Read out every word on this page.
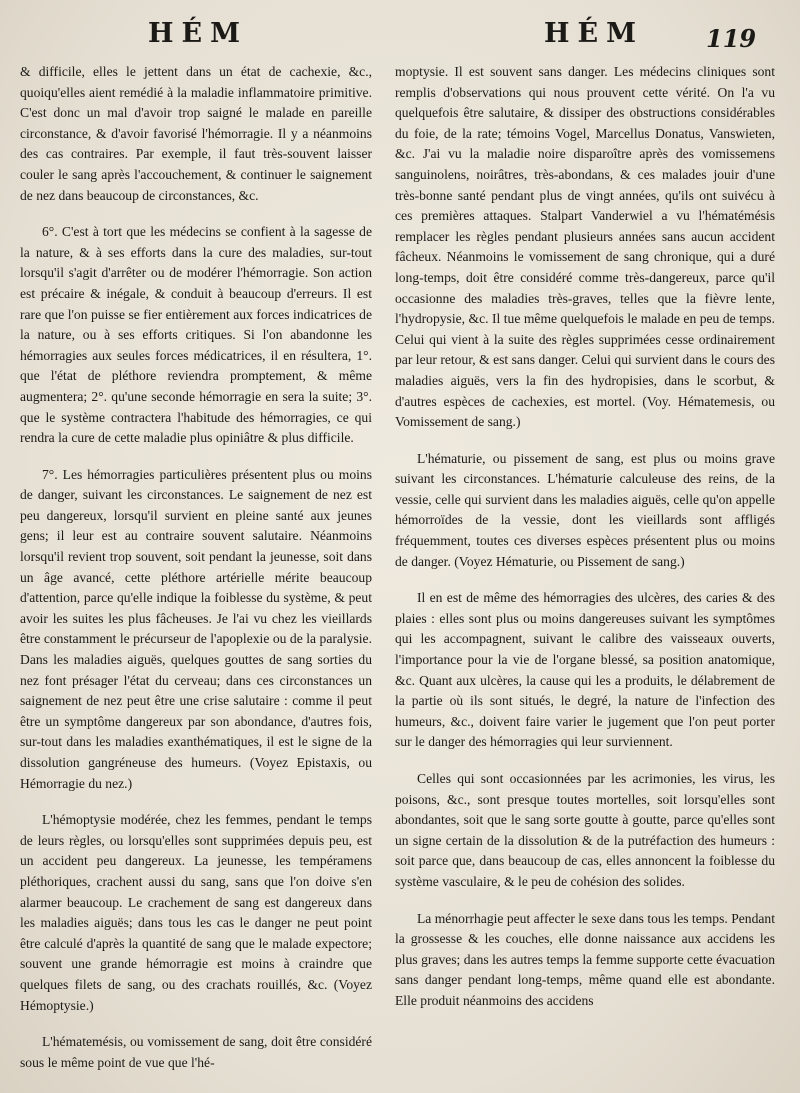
HÉM	HÉM	119

& difficile, elles le jettent dans un état de cachexie, &c., quoiqu'elles aient remédié à la maladie inflammatoire primitive. C'est donc un mal d'avoir trop saigné le malade en pareille circonstance, & d'avoir favorisé l'hémorragie. Il y a néanmoins des cas contraires. Par exemple, il faut très-souvent laisser couler le sang après l'accouchement, & continuer le saignement de nez dans beaucoup de circonstances, &c.

6°. C'est à tort que les médecins se confient à la sagesse de la nature, & à ses efforts dans la cure des maladies, sur-tout lorsqu'il s'agit d'arrêter ou de modérer l'hémorragie. Son action est précaire & inégale, & conduit à beaucoup d'erreurs. Il est rare que l'on puisse se fier entièrement aux forces indicatrices de la nature, ou à ses efforts critiques. Si l'on abandonne les hémorragies aux seules forces médicatrices, il en résultera, 1°. que l'état de pléthore reviendra promptement, & même augmentera; 2°. qu'une seconde hémorragie en sera la suite; 3°. que le système contractera l'habitude des hémorragies, ce qui rendra la cure de cette maladie plus opiniâtre & plus difficile.

7°. Les hémorragies particulières présentent plus ou moins de danger, suivant les circonstances. Le saignement de nez est peu dangereux, lorsqu'il survient en pleine santé aux jeunes gens; il leur est au contraire souvent salutaire. Néanmoins lorsqu'il revient trop souvent, soit pendant la jeunesse, soit dans un âge avancé, cette pléthore artérielle mérite beaucoup d'attention, parce qu'elle indique la foiblesse du système, & peut avoir les suites les plus fâcheuses. Je l'ai vu chez les vieillards être constamment le précurseur de l'apoplexie ou de la paralysie. Dans les maladies aiguës, quelques gouttes de sang sorties du nez font présager l'état du cerveau; dans ces circonstances un saignement de nez peut être une crise salutaire : comme il peut être un symptôme dangereux par son abondance, d'autres fois, sur-tout dans les maladies exanthématiques, il est le signe de la dissolution gangréneuse des humeurs. (Voyez Epistaxis, ou Hémorragie du nez.)

L'hémoptysie modérée, chez les femmes, pendant le temps de leurs règles, ou lorsqu'elles sont supprimées depuis peu, est un accident peu dangereux. La jeunesse, les tempéramens pléthoriques, crachent aussi du sang, sans que l'on doive s'en alarmer beaucoup. Le crachement de sang est dangereux dans les maladies aiguës; dans tous les cas le danger ne peut point être calculé d'après la quantité de sang que le malade expectore; souvent une grande hémorragie est moins à craindre que quelques filets de sang, ou des crachats rouillés, &c. (Voyez Hémoptysie.)

L'hématemésis, ou vomissement de sang, doit être considéré sous le même point de vue que l'hé-

moptysie. Il est souvent sans danger. Les médecins cliniques sont remplis d'observations qui nous prouvent cette vérité. On l'a vu quelquefois être salutaire, & dissiper des obstructions considérables du foie, de la rate; témoins Vogel, Marcellus Donatus, Vanswieten, &c. J'ai vu la maladie noire disparoître après des vomissemens sanguinolens, noirâtres, très-abondans, & ces malades jouir d'une très-bonne santé pendant plus de vingt années, qu'ils ont suivécu à ces premières attaques. Stalpart Vanderwiel a vu l'hématémésis remplacer les règles pendant plusieurs années sans aucun accident fâcheux. Néanmoins le vomissement de sang chronique, qui a duré long-temps, doit être considéré comme très-dangereux, parce qu'il occasionne des maladies très-graves, telles que la fièvre lente, l'hydropysie, &c. Il tue même quelquefois le malade en peu de temps. Celui qui vient à la suite des règles supprimées cesse ordinairement par leur retour, & est sans danger. Celui qui survient dans le cours des maladies aiguës, vers la fin des hydropisies, dans le scorbut, & d'autres espèces de cachexies, est mortel. (Voy. Hématemesis, ou Vomissement de sang.)

L'hématurie, ou pissement de sang, est plus ou moins grave suivant les circonstances. L'hématurie calculeuse des reins, de la vessie, celle qui survient dans les maladies aiguës, celle qu'on appelle hémorroïdes de la vessie, dont les vieillards sont affligés fréquemment, toutes ces diverses espèces présentent plus ou moins de danger. (Voyez Hématurie, ou Pissement de sang.)

Il en est de même des hémorragies des ulcères, des caries & des plaies : elles sont plus ou moins dangereuses suivant les symptômes qui les accompagnent, suivant le calibre des vaisseaux ouverts, l'importance pour la vie de l'organe blessé, sa position anatomique, &c. Quant aux ulcères, la cause qui les a produits, le délabrement de la partie où ils sont situés, le degré, la nature de l'infection des humeurs, &c., doivent faire varier le jugement que l'on peut porter sur le danger des hémorragies qui leur surviennent.

Celles qui sont occasionnées par les acrimonies, les virus, les poisons, &c., sont presque toutes mortelles, soit lorsqu'elles sont abondantes, soit que le sang sorte goutte à goutte, parce qu'elles sont un signe certain de la dissolution & de la putréfaction des humeurs : soit parce que, dans beaucoup de cas, elles annoncent la foiblesse du système vasculaire, & le peu de cohésion des solides.

La ménorrhagie peut affecter le sexe dans tous les temps. Pendant la grossesse & les couches, elle donne naissance aux accidens les plus graves; dans les autres temps la femme supporte cette évacuation sans danger pendant long-temps, même quand elle est abondante. Elle produit néanmoins des accidens
